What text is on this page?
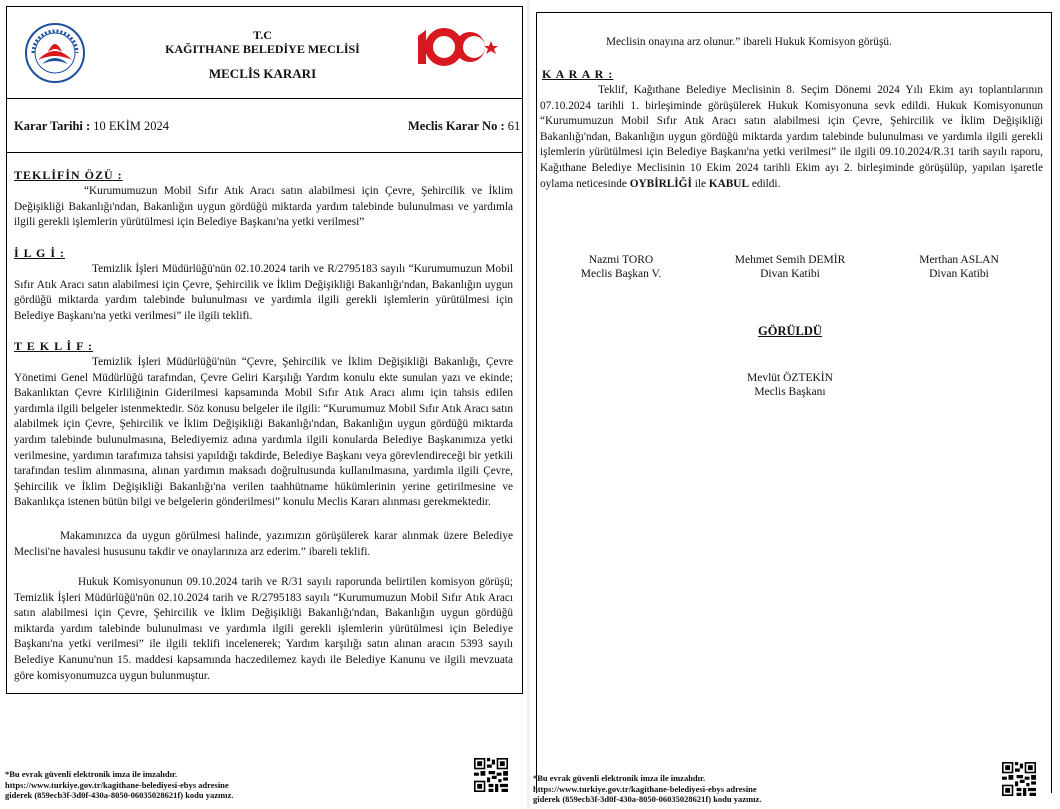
T.C
KAĞITHANE BELEDİYE MECLİSİ
MECLİS KARARI
Karar Tarihi : 10 EKİM 2024	Meclis Karar No : 61
TEKLİFİN ÖZÜ :
“Kurumumuzun Mobil Sıfır Atık Aracı satın alabilmesi için Çevre, Şehircilik ve İklim Değişikliği Bakanlığı'ndan, Bakanlığın uygun gördüğü miktarda yardım talebinde bulunulması ve yardımla ilgili gerekli işlemlerin yürütülmesi için Belediye Başkanı'na yetki verilmesi”
İ L G İ :
Temizlik İşleri Müdürlüğü'nün 02.10.2024 tarih ve R/2795183 sayılı “Kurumumuzun Mobil Sıfır Atık Aracı satın alabilmesi için Çevre, Şehircilik ve İklim Değişikliği Bakanlığı'ndan, Bakanlığın uygun gördüğü miktarda yardım talebinde bulunulması ve yardımla ilgili gerekli işlemlerin yürütülmesi için Belediye Başkanı'na yetki verilmesi” ile ilgili teklifi.
T E K L İ F :
Temizlik İşleri Müdürlüğü'nün “Çevre, Şehircilik ve İklim Değişikliği Bakanlığı, Çevre Yönetimi Genel Müdürlüğü tarafından, Çevre Geliri Karşılığı Yardım konulu ekte sunulan yazı ve ekinde; Bakanlıktan Çevre Kirliliğinin Giderilmesi kapsamında Mobil Sıfır Atık Aracı alımı için tahsis edilen yardımla ilgili belgeler istenmektedir. Söz konusu belgeler ile ilgili: “Kurumumuz Mobil Sıfır Atık Aracı satın alabilmek için Çevre, Şehircilik ve İklim Değişikliği Bakanlığı'ndan, Bakanlığın uygun gördüğü miktarda yardım talebinde bulunulmasına, Belediyemiz adına yardımla ilgili konularda Belediye Başkanımıza yetki verilmesine, yardımın tarafımıza tahsisi yapıldığı takdirde, Belediye Başkanı veya görevlendireceği bir yetkili tarafından teslim alınmasına, alınan yardımın maksadı doğrultusunda kullanılmasına, yardımla ilgili Çevre, Şehircilik ve İklim Değişikliği Bakanlığı'na verilen taahhütname hükümlerinin yerine getirilmesine ve Bakanlıkça istenen bütün bilgi ve belgelerin gönderilmesi” konulu Meclis Kararı alınması gerekmektedir.
Makamınızca da uygun görülmesi halinde, yazımızın görüşülerek karar alınmak üzere Belediye Meclisi'ne havalesi hususunu takdir ve onaylarınıza arz ederim.” ibareli teklifi.
Hukuk Komisyonunun 09.10.2024 tarih ve R/31 sayılı raporunda belirtilen komisyon görüşü; Temizlik İşleri Müdürlüğü'nün 02.10.2024 tarih ve R/2795183 sayılı “Kurumumuzun Mobil Sıfır Atık Aracı satın alabilmesi için Çevre, Şehircilik ve İklim Değişikliği Bakanlığı'ndan, Bakanlığın uygun gördüğü miktarda yardım talebinde bulunulması ve yardımla ilgili gerekli işlemlerin yürütülmesi için Belediye Başkanı'na yetki verilmesi” ile ilgili teklifi incelenerek; Yardım karşılığı satın alınan aracın 5393 sayılı Belediye Kanunu'nun 15. maddesi kapsamında haczedilemez kaydı ile Belediye Kanunu ve ilgili mevzuata göre komisyonumuzca uygun bulunmuştur.
*Bu evrak güvenli elektronik imza ile imzalıdır.
https://www.turkiye.gov.tr/kagithane-belediyesi-ebys adresine
giderek (859ecb3f-3d0f-430a-8050-06035028621f) kodu yazınız.
Meclisin onayına arz olunur.” ibareli Hukuk Komisyon görüşü.
K A R A R :
Teklif, Kağıthane Belediye Meclisinin 8. Seçim Dönemi 2024 Yılı Ekim ayı toplantılarının 07.10.2024 tarihli 1. birleşiminde görüşülerek Hukuk Komisyonuna sevk edildi. Hukuk Komisyonunun “Kurumumuzun Mobil Sıfır Atık Aracı satın alabilmesi için Çevre, Şehircilik ve İklim Değişikliği Bakanlığı'ndan, Bakanlığın uygun gördüğü miktarda yardım talebinde bulunulması ve yardımla ilgili gerekli işlemlerin yürütülmesi için Belediye Başkanı'na yetki verilmesi” ile ilgili 09.10.2024/R.31 tarih sayılı raporu, Kağıthane Belediye Meclisinin 10 Ekim 2024 tarihli Ekim ayı 2. birleşiminde görüşülüp, yapılan işaretle oylama neticesinde OYBİRLİĞİ ile KABUL edildi.
Nazmi TORO
Meclis Başkan V.
Mehmet Semih DEMİR
Divan Katibi
Merthan ASLAN
Divan Katibi
GÖRÜLDÜ
Mevlüt ÖZTEKİN
Meclis Başkanı
*Bu evrak güvenli elektronik imza ile imzalıdır.
https://www.turkiye.gov.tr/kagithane-belediyesi-ebys adresine
giderek (859ecb3f-3d0f-430a-8050-06035028621f) kodu yazınız.
